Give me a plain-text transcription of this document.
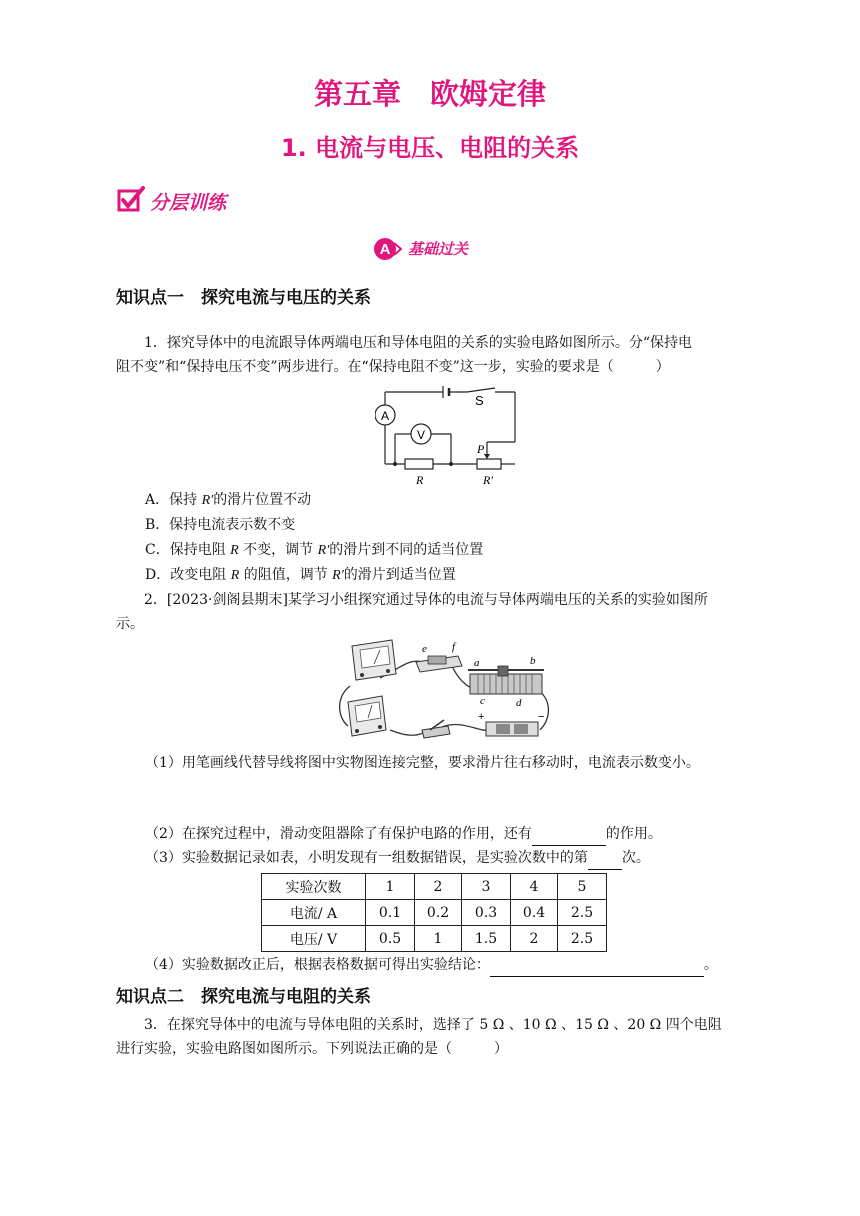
第五章　欧姆定律
1. 电流与电压、电阻的关系
分层训练
A 基础过关
知识点一　探究电流与电压的关系
1．探究导体中的电流跟导体两端电压和导体电阻的关系的实验电路如图所示。分“保持电
阻不变”和“保持电压不变”两步进行。在“保持电阻不变”这一步，实验的要求是（　　　）
A
V
S
P
R	R′
A．保持 R′的滑片位置不动
B．保持电流表示数不变
C．保持电阻 R 不变，调节 R′的滑片到不同的适当位置
D．改变电阻 R 的阻值，调节 R′的滑片到适当位置
2．[2023·剑阁县期末]某学习小组探究通过导体的电流与导体两端电压的关系的实验如图所
示。
e f
a	b
c	d
+	−
（1）用笔画线代替导线将图中实物图连接完整，要求滑片往右移动时，电流表示数变小。
（2）在探究过程中，滑动变阻器除了有保护电路的作用，还有	的作用。
（3）实验数据记录如表，小明发现有一组数据错误，是实验次数中的第 次。
实验次数	1	2	3	4	5
电流/ A	0.1	0.2	0.3	0.4	2.5
电压/ V	0.5	1	1.5	2	2.5
（4）实验数据改正后，根据表格数据可得出实验结论：	。
知识点二　探究电流与电阻的关系
3．在探究导体中的电流与导体电阻的关系时，选择了 5 Ω 、10 Ω 、15 Ω 、20 Ω 四个电阻
进行实验，实验电路图如图所示。下列说法正确的是（　　　）
